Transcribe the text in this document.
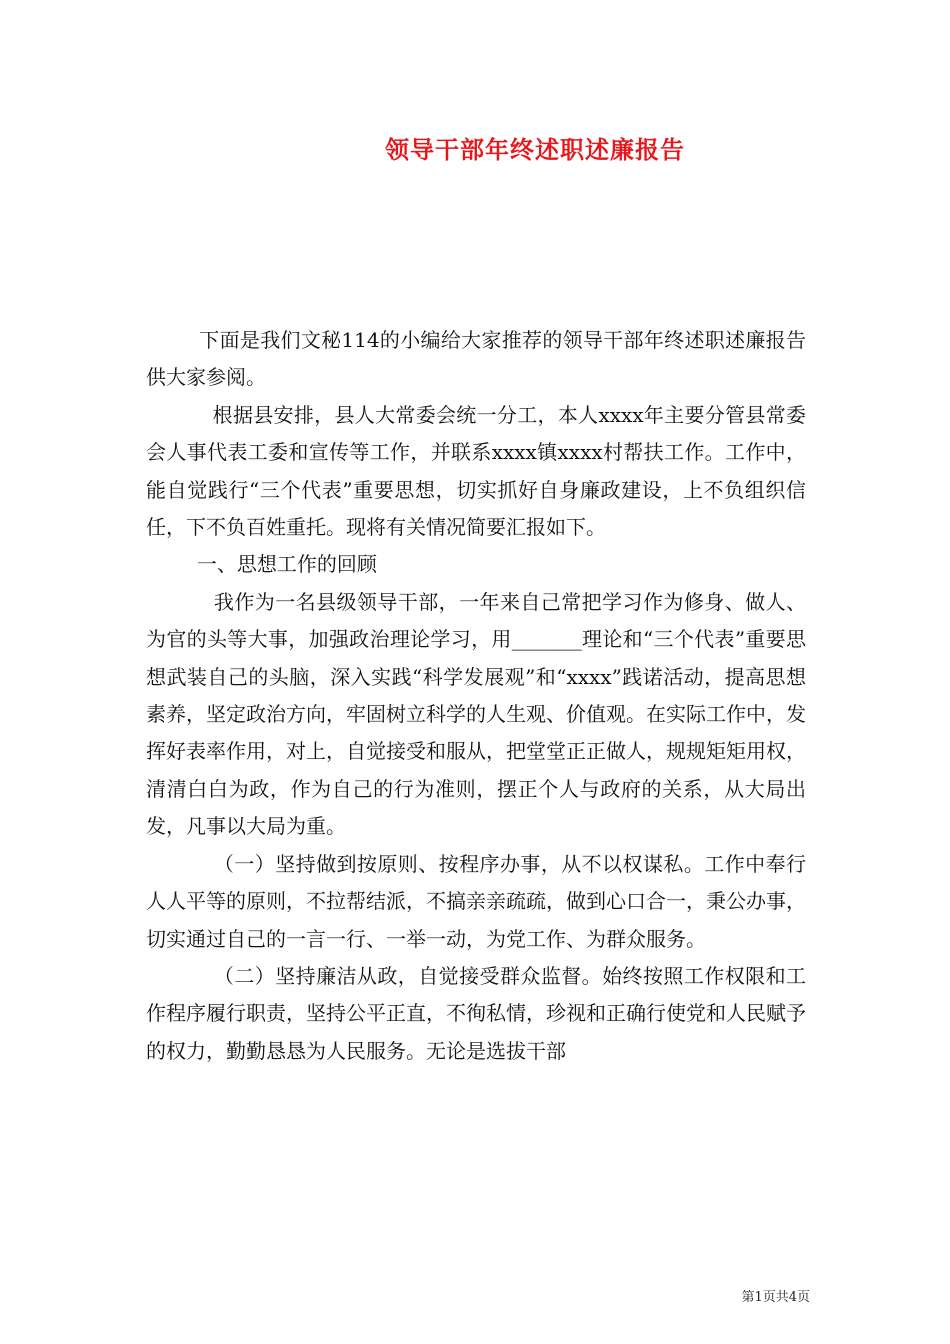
领导干部年终述职述廉报告

下面是我们文秘114的小编给大家推荐的领导干部年终述职述廉报告供大家参阅。

根据县安排，县人大常委会统一分工，本人xxxx年主要分管县常委会人事代表工委和宣传等工作，并联系xxxx镇xxxx村帮扶工作。工作中，能自觉践行“三个代表”重要思想，切实抓好自身廉政建设，上不负组织信任，下不负百姓重托。现将有关情况简要汇报如下。

一、思想工作的回顾

我作为一名县级领导干部，一年来自己常把学习作为修身、做人、为官的头等大事，加强政治理论学习，用_______理论和“三个代表”重要思想武装自己的头脑，深入实践“科学发展观”和“xxxx”践诺活动，提高思想素养，坚定政治方向，牢固树立科学的人生观、价值观。在实际工作中，发挥好表率作用，对上，自觉接受和服从，把堂堂正正做人，规规矩矩用权，清清白白为政，作为自己的行为准则，摆正个人与政府的关系，从大局出发，凡事以大局为重。

（一）坚持做到按原则、按程序办事，从不以权谋私。工作中奉行人人平等的原则，不拉帮结派，不搞亲亲疏疏，做到心口合一，秉公办事，切实通过自己的一言一行、一举一动，为党工作、为群众服务。

（二）坚持廉洁从政，自觉接受群众监督。始终按照工作权限和工作程序履行职责，坚持公平正直，不徇私情，珍视和正确行使党和人民赋予的权力，勤勤恳恳为人民服务。无论是选拔干部

第1页共4页
